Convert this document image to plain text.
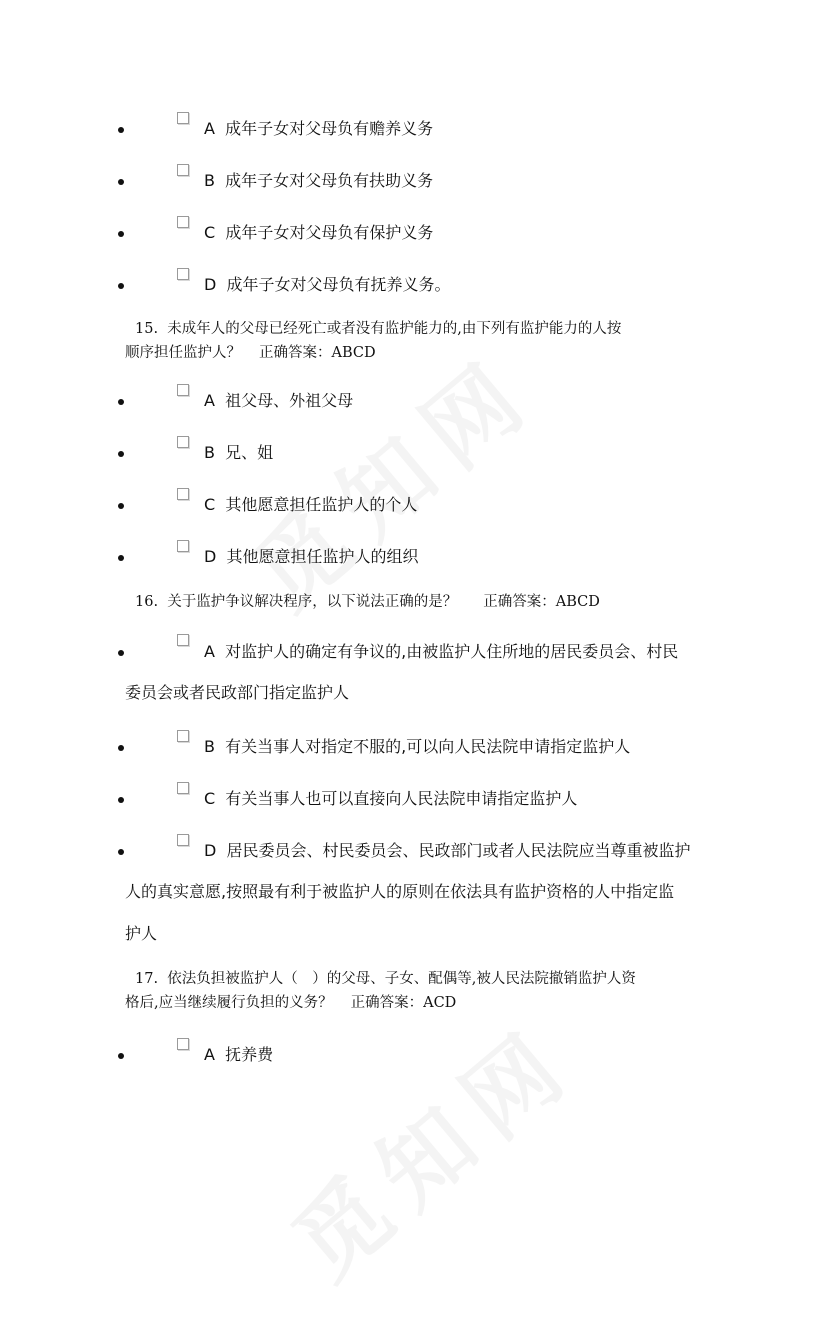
A 成年子女对父母负有赡养义务
B 成年子女对父母负有扶助义务
C 成年子女对父母负有保护义务
D 成年子女对父母负有抚养义务。
15. 未成年人的父母已经死亡或者没有监护能力的,由下列有监护能力的人按
顺序担任监护人？ 正确答案：ABCD
A 祖父母、外祖父母
B 兄、姐
C 其他愿意担任监护人的个人
D 其他愿意担任监护人的组织
16. 关于监护争议解决程序，以下说法正确的是？ 正确答案：ABCD
A 对监护人的确定有争议的,由被监护人住所地的居民委员会、村民
委员会或者民政部门指定监护人
B 有关当事人对指定不服的,可以向人民法院申请指定监护人
C 有关当事人也可以直接向人民法院申请指定监护人
D 居民委员会、村民委员会、民政部门或者人民法院应当尊重被监护
人的真实意愿,按照最有利于被监护人的原则在依法具有监护资格的人中指定监
护人
17. 依法负担被监护人（　）的父母、子女、配偶等,被人民法院撤销监护人资
格后,应当继续履行负担的义务？ 正确答案：ACD
A 抚养费
